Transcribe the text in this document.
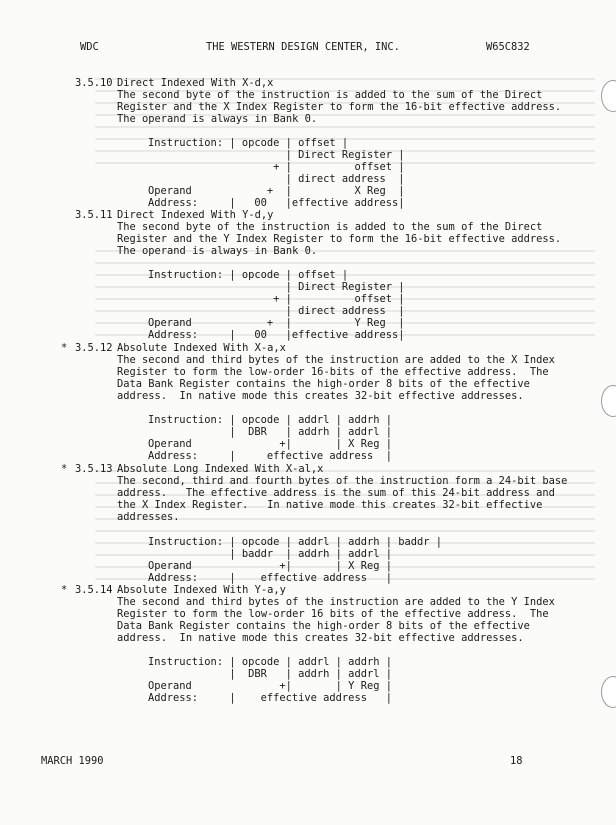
WDC	THE WESTERN DESIGN CENTER, INC.	W65C832
3.5.10 Direct Indexed With X-d,x
The second byte of the instruction is added to the sum of the Direct
Register and the X Index Register to form the 16-bit effective address.
The operand is always in Bank 0.
Instruction: | opcode | offset |
| Direct Register |
+ |          offset |
| direct address  |
Operand            +  |          X Reg  |
Address:     |   00   |effective address|
3.5.11 Direct Indexed With Y-d,y
The second byte of the instruction is added to the sum of the Direct
Register and the Y Index Register to form the 16-bit effective address.
The operand is always in Bank 0.
Instruction: | opcode | offset |
| Direct Register |
+ |          offset |
| direct address  |
Operand            +  |          Y Reg  |
Address:     |   00   |effective address|
* 3.5.12 Absolute Indexed With X-a,x
The second and third bytes of the instruction are added to the X Index
Register to form the low-order 16-bits of the effective address.  The
Data Bank Register contains the high-order 8 bits of the effective
address.  In native mode this creates 32-bit effective addresses.
Instruction: | opcode | addrl | addrh |
|  DBR   | addrh | addrl |
Operand              +|       | X Reg |
Address:     |     effective address  |
* 3.5.13 Absolute Long Indexed With X-al,x
The second, third and fourth bytes of the instruction form a 24-bit base
address.   The effective address is the sum of this 24-bit address and
the X Index Register.   In native mode this creates 32-bit effective
addresses.
Instruction: | opcode | addrl | addrh | baddr |
| baddr  | addrh | addrl |
Operand              +|       | X Reg |
Address:     |    effective address   |
* 3.5.14 Absolute Indexed With Y-a,y
The second and third bytes of the instruction are added to the Y Index
Register to form the low-order 16 bits of the effective address.  The
Data Bank Register contains the high-order 8 bits of the effective
address.  In native mode this creates 32-bit effective addresses.
Instruction: | opcode | addrl | addrh |
|  DBR   | addrh | addrl |
Operand              +|       | Y Reg |
Address:     |    effective address   |
MARCH 1990	18
